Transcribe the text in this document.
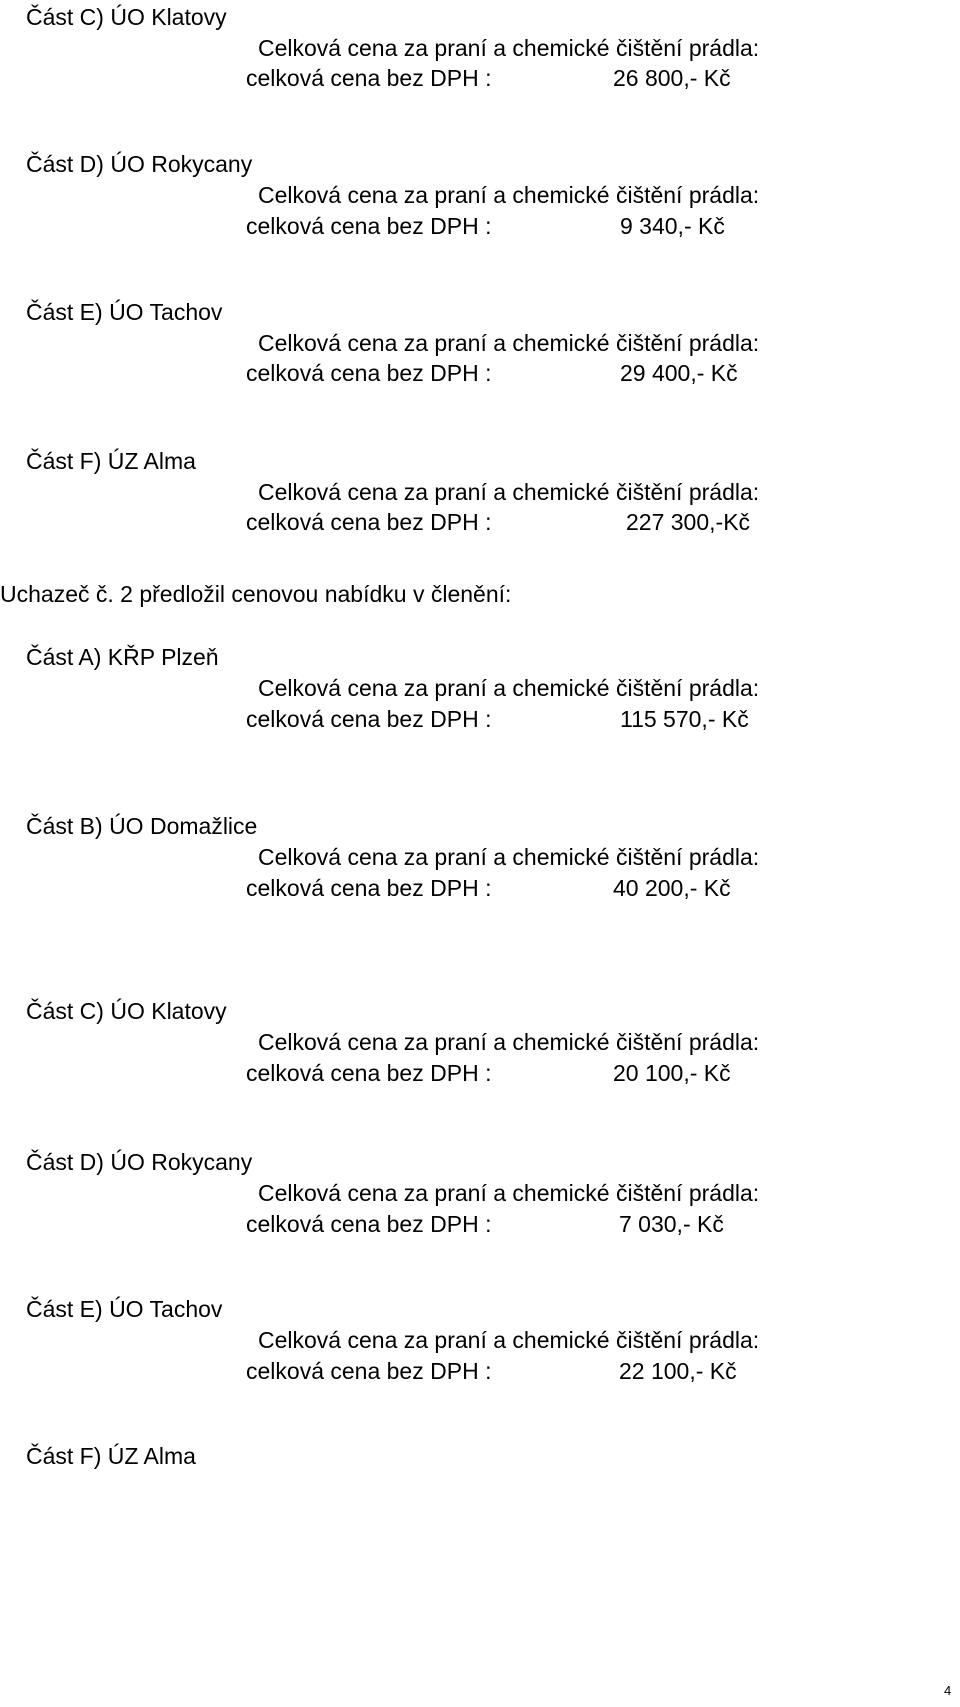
Část C) ÚO Klatovy
Celková cena za praní a chemické čištění prádla:
celková cena bez DPH :	26 800,- Kč
Část D) ÚO Rokycany
Celková cena za praní a chemické čištění prádla:
celková cena bez DPH :	9 340,- Kč
Část E) ÚO Tachov
Celková cena za praní a chemické čištění prádla:
celková cena bez DPH :	29 400,- Kč
Část F) ÚZ Alma
Celková cena za praní a chemické čištění prádla:
celková cena bez DPH :	227 300,-Kč
Uchazeč č. 2 předložil cenovou nabídku v členění:
Část A) KŘP Plzeň
Celková cena za praní a chemické čištění prádla:
celková cena bez DPH :	115 570,- Kč
Část B) ÚO Domažlice
Celková cena za praní a chemické čištění prádla:
celková cena bez DPH :	40 200,- Kč
Část C) ÚO Klatovy
Celková cena za praní a chemické čištění prádla:
celková cena bez DPH :	20 100,- Kč
Část D) ÚO Rokycany
Celková cena za praní a chemické čištění prádla:
celková cena bez DPH :	7 030,- Kč
Část E) ÚO Tachov
Celková cena za praní a chemické čištění prádla:
celková cena bez DPH :	22 100,- Kč
Část F) ÚZ Alma
4
